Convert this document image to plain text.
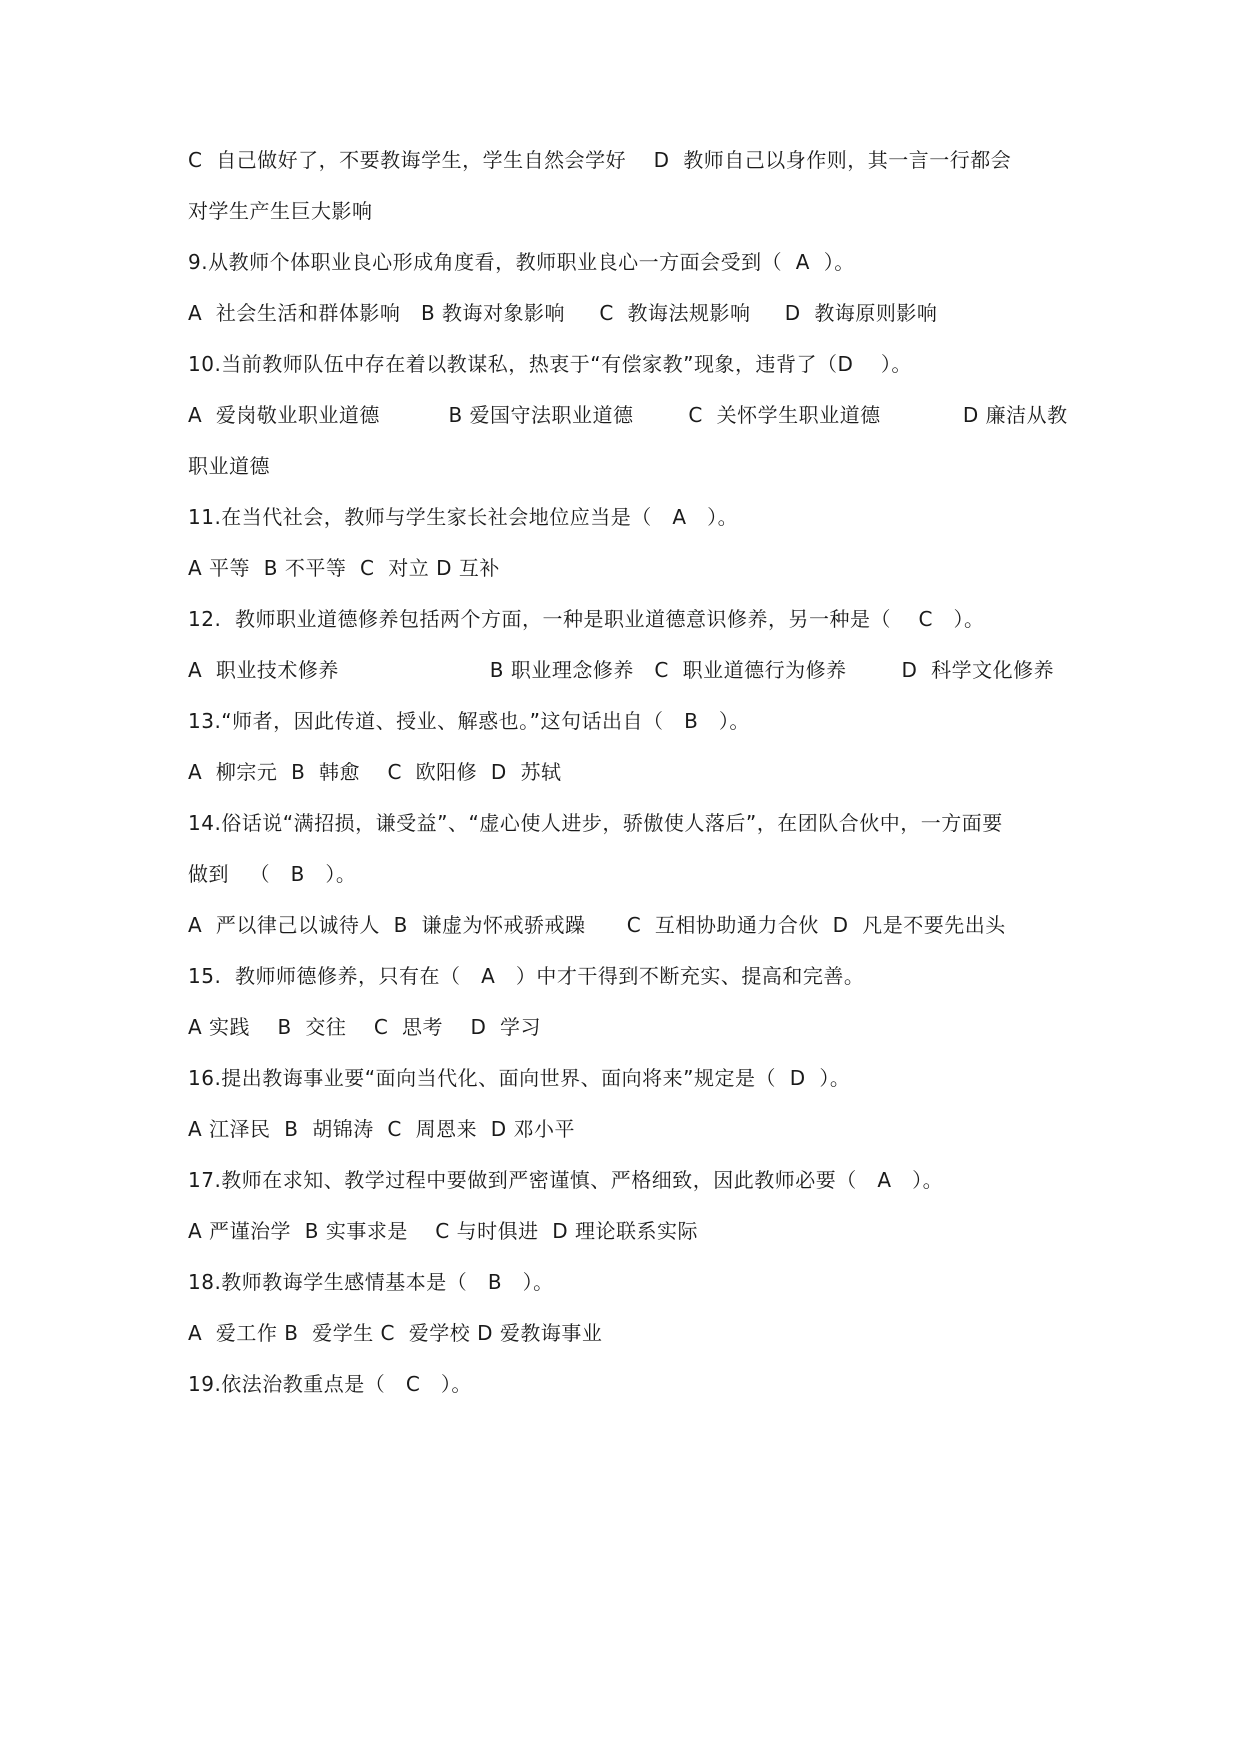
C  自己做好了，不要教诲学生，学生自然会学好    D  教师自己以身作则，其一言一行都会
对学生产生巨大影响
9.从教师个体职业良心形成角度看，教师职业良心一方面会受到（  A  ）。
A  社会生活和群体影响   B 教诲对象影响     C  教诲法规影响     D  教诲原则影响
10.当前教师队伍中存在着以教谋私，热衷于“有偿家教”现象，违背了（D    ）。
A  爱岗敬业职业道德          B 爱国守法职业道德        C  关怀学生职业道德            D 廉洁从教
职业道德
11.在当代社会，教师与学生家长社会地位应当是（   A   ）。
A 平等  B 不平等  C  对立 D 互补
12.  教师职业道德修养包括两个方面，一种是职业道德意识修养，另一种是（    C   ）。
A  职业技术修养                      B 职业理念修养   C  职业道德行为修养        D  科学文化修养
13.“师者，因此传道、授业、解惑也。”这句话出自（   B   ）。
A  柳宗元  B  韩愈    C  欧阳修  D  苏轼
14.俗话说“满招损，谦受益”、“虚心使人进步，骄傲使人落后”，在团队合伙中，一方面要
做到   （   B   ）。
A  严以律己以诚待人  B  谦虚为怀戒骄戒躁      C  互相协助通力合伙  D  凡是不要先出头
15.  教师师德修养，只有在（   A   ）中才干得到不断充实、提高和完善。
A 实践    B  交往    C  思考    D  学习
16.提出教诲事业要“面向当代化、面向世界、面向将来”规定是（  D  ）。
A 江泽民  B  胡锦涛  C  周恩来  D 邓小平
17.教师在求知、教学过程中要做到严密谨慎、严格细致，因此教师必要（   A   ）。
A 严谨治学  B 实事求是    C 与时俱进  D 理论联系实际
18.教师教诲学生感情基本是（   B   ）。
A  爱工作 B  爱学生 C  爱学校 D 爱教诲事业
19.依法治教重点是（   C   ）。
